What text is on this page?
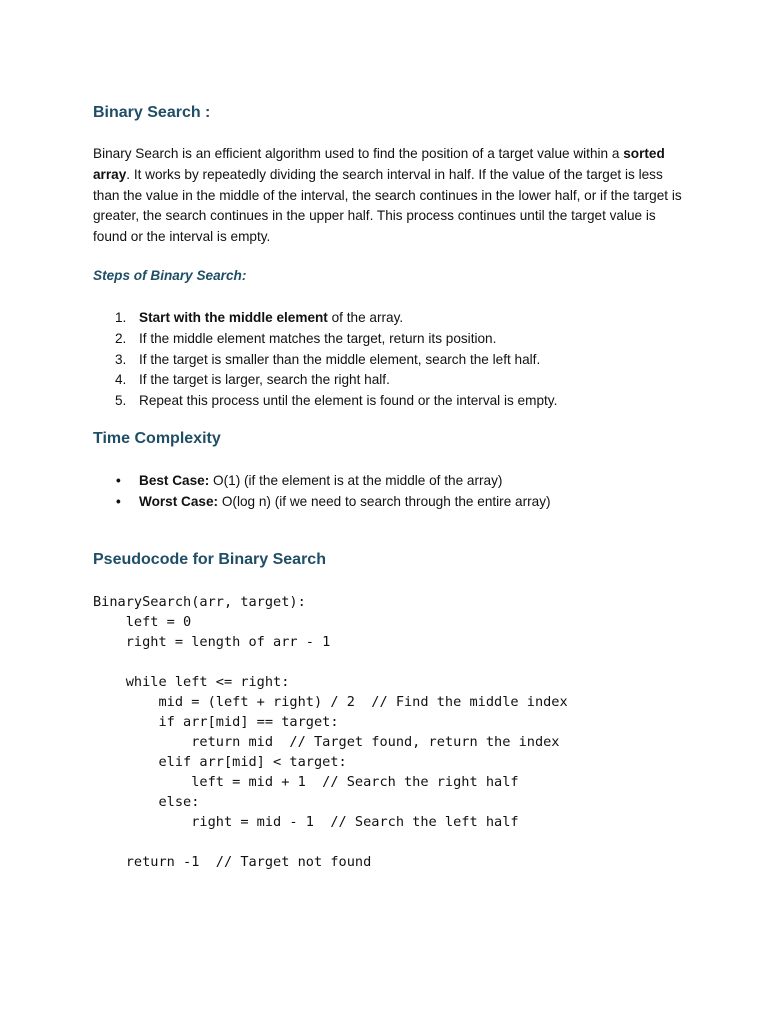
Binary Search :

Binary Search is an efficient algorithm used to find the position of a target value within a sorted array. It works by repeatedly dividing the search interval in half. If the value of the target is less than the value in the middle of the interval, the search continues in the lower half, or if the target is greater, the search continues in the upper half. This process continues until the target value is found or the interval is empty.

Steps of Binary Search:
1. Start with the middle element of the array.
2. If the middle element matches the target, return its position.
3. If the target is smaller than the middle element, search the left half.
4. If the target is larger, search the right half.
5. Repeat this process until the element is found or the interval is empty.
Time Complexity
• Best Case: O(1) (if the element is at the middle of the array)
• Worst Case: O(log n) (if we need to search through the entire array)
Pseudocode for Binary Search
BinarySearch(arr, target):
left = 0
right = length of arr - 1

while left <= right:
mid = (left + right) / 2  // Find the middle index
if arr[mid] == target:
return mid  // Target found, return the index
elif arr[mid] < target:
left = mid + 1  // Search the right half
else:
right = mid - 1  // Search the left half

return -1  // Target not found
